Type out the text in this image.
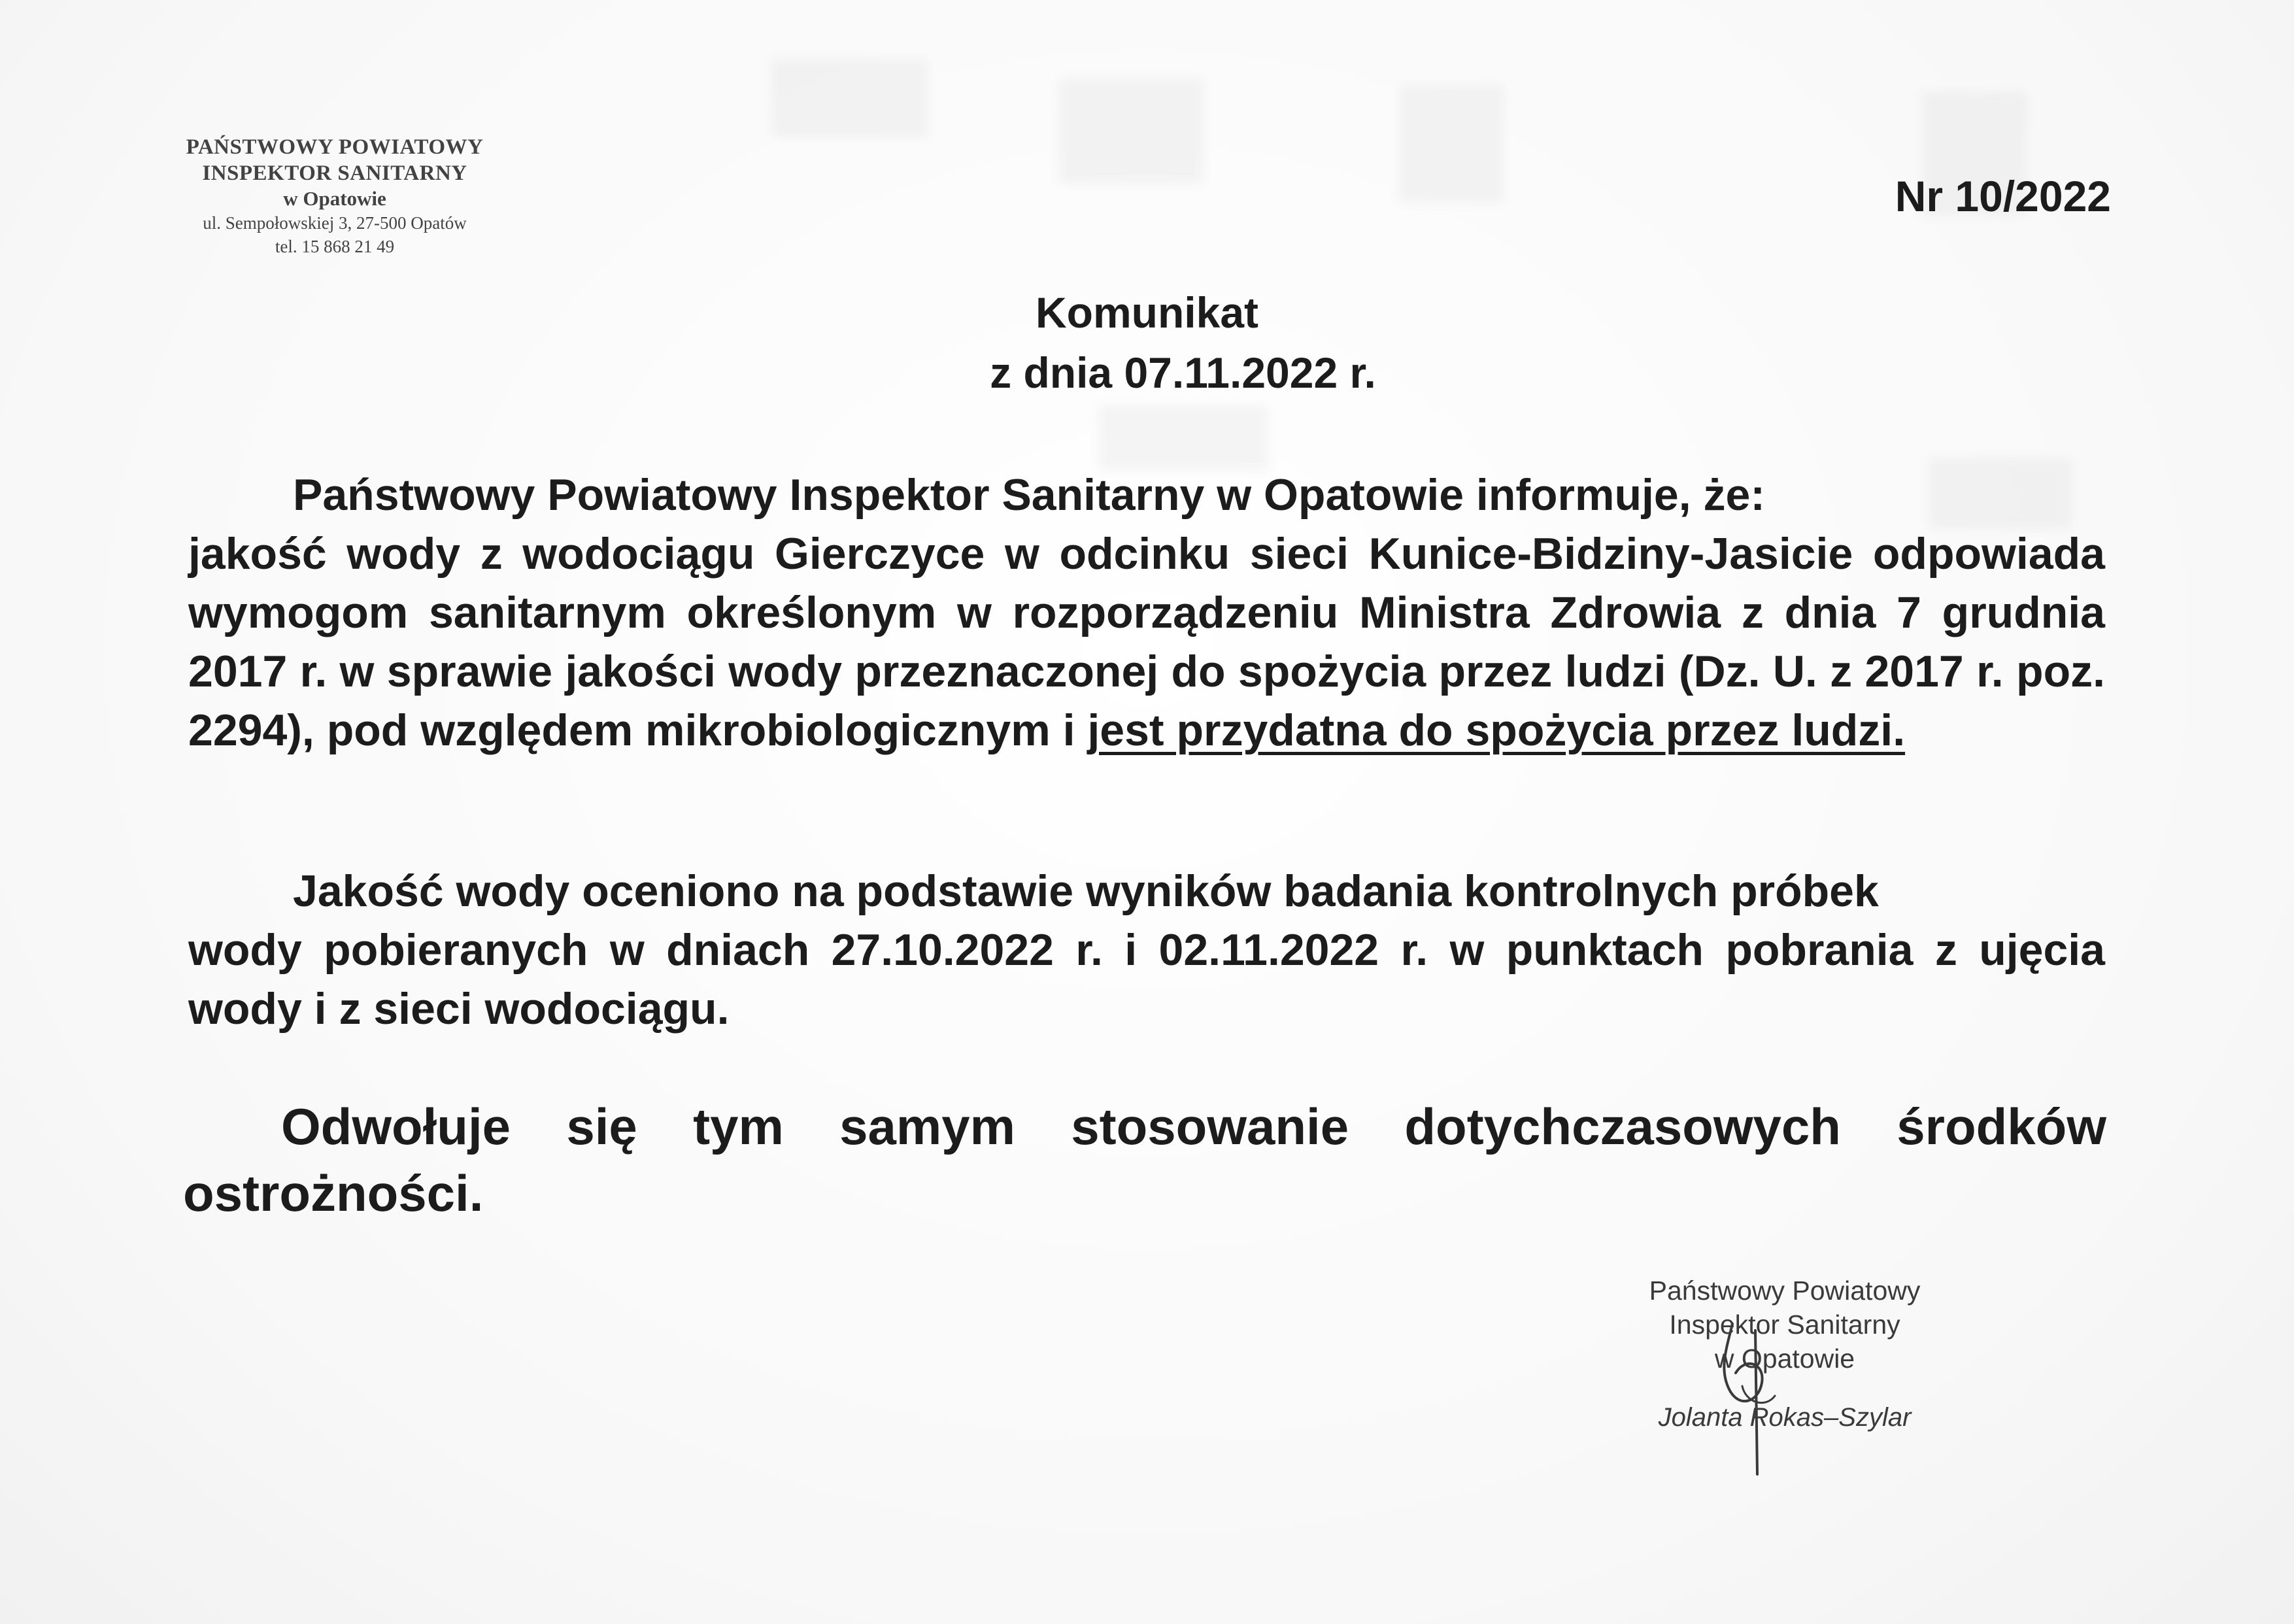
PAŃSTWOWY POWIATOWY
INSPEKTOR SANITARNY
w Opatowie
ul. Sempołowskiej 3, 27-500 Opatów
tel. 15 868 21 49
Nr 10/2022
Komunikat
z dnia 07.11.2022 r.
Państwowy Powiatowy Inspektor Sanitarny w Opatowie informuje, że:
jakość wody z wodociągu Gierczyce w odcinku sieci Kunice-Bidziny-Jasicie odpowiada wymogom sanitarnym określonym w rozporządzeniu Ministra Zdrowia z dnia 7 grudnia 2017 r. w sprawie jakości wody przeznaczonej do spożycia przez ludzi (Dz. U. z 2017 r. poz. 2294), pod względem mikrobiologicznym i jest przydatna do spożycia przez ludzi.
Jakość wody oceniono na podstawie wyników badania kontrolnych próbek
wody pobieranych w dniach 27.10.2022 r. i 02.11.2022 r. w punktach pobrania z ujęcia wody i z sieci wodociągu.
Odwołuje się tym samym stosowanie dotychczasowych środków ostrożności.
Państwowy Powiatowy
Inspektor Sanitarny
w Opatowie
Jolanta Rokas–Szylar
